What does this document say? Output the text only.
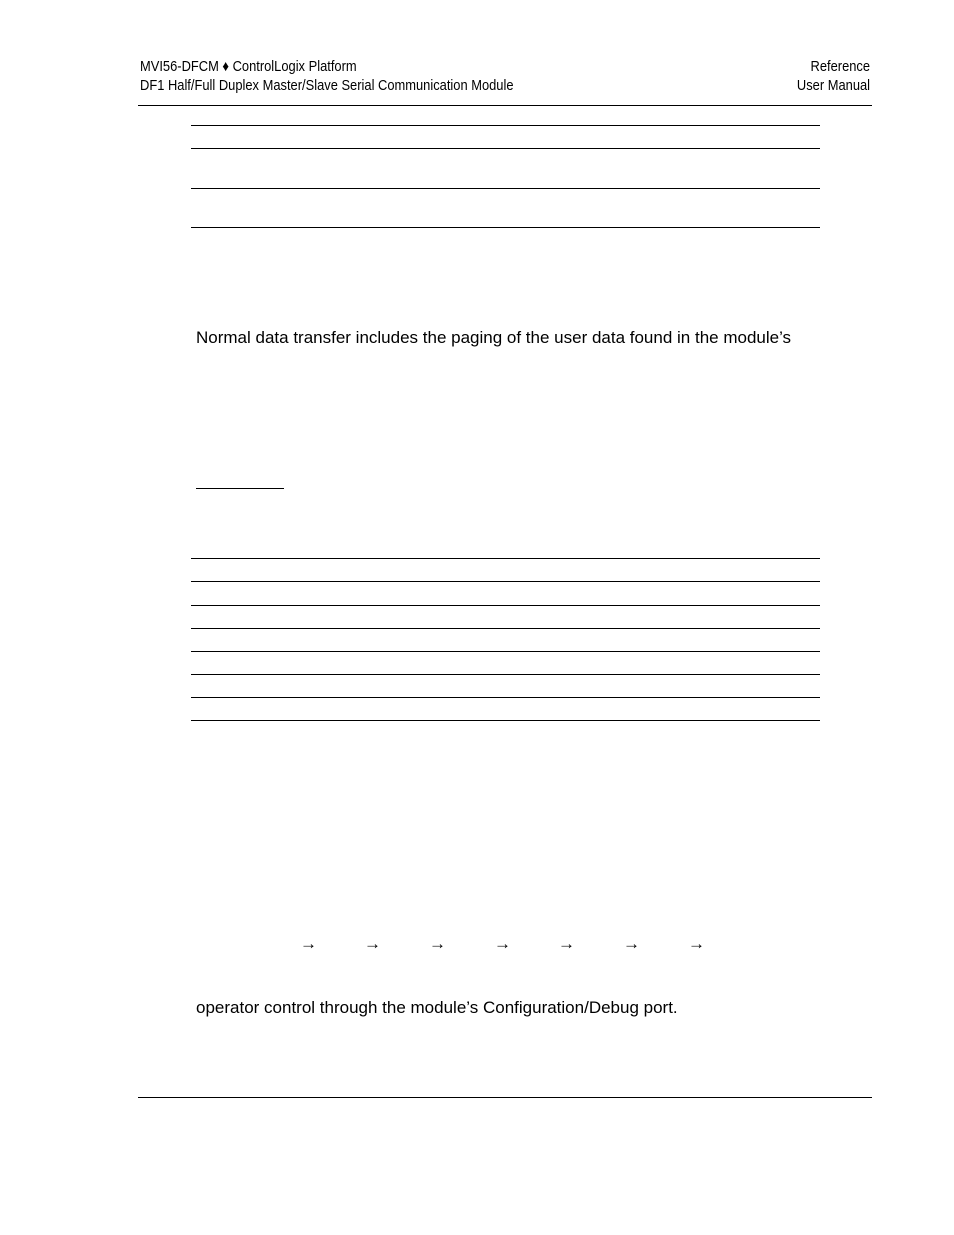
MVI56-DFCM ♦ ControlLogix Platform
DF1 Half/Full Duplex Master/Slave Serial Communication Module
Reference
User Manual
Normal data transfer includes the paging of the user data found in the module’s
→	→	→	→	→	→	→
operator control through the module’s Configuration/Debug port.
